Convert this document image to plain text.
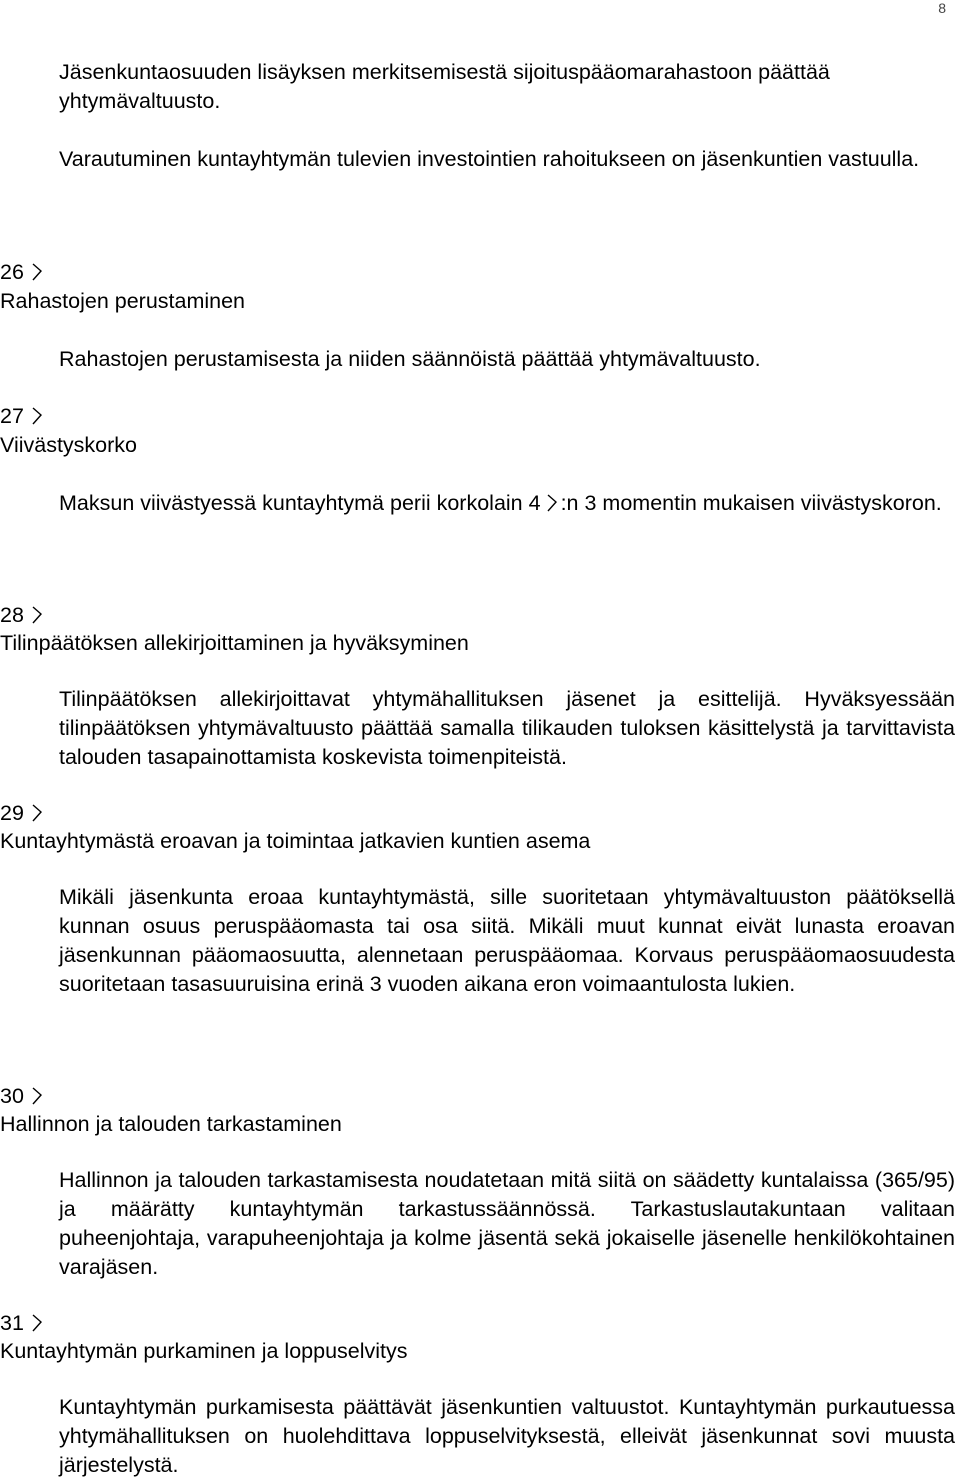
8

Jäsenkuntaosuuden lisäyksen merkitsemisestä sijoituspääomarahastoon päättää yhtymävaltuusto.

Varautuminen kuntayhtymän tulevien investointien rahoitukseen on jäsenkuntien vastuulla.

26
Rahastojen perustaminen

Rahastojen perustamisesta ja niiden säännöistä päättää yhtymävaltuusto.

27
Viivästyskorko

Maksun viivästyessä kuntayhtymä perii korkolain 4 :n 3 momentin mukaisen viivästyskoron.

28
Tilinpäätöksen allekirjoittaminen ja hyväksyminen

Tilinpäätöksen allekirjoittavat yhtymähallituksen jäsenet ja esittelijä. Hyväksyessään tilinpäätöksen yhtymävaltuusto päättää samalla tilikauden tuloksen käsittelystä ja tarvittavista talouden tasapainottamista koskevista toimenpiteistä.

29
Kuntayhtymästä eroavan ja toimintaa jatkavien kuntien asema

Mikäli jäsenkunta eroaa kuntayhtymästä, sille suoritetaan yhtymävaltuuston päätöksellä kunnan osuus peruspääomasta tai osa siitä. Mikäli muut kunnat eivät lunasta eroavan jäsenkunnan pääomaosuutta, alennetaan peruspääomaa. Korvaus peruspääomaosuudesta suoritetaan tasasuuruisina erinä 3 vuoden aikana eron voimaantulosta lukien.

30
Hallinnon ja talouden tarkastaminen

Hallinnon ja talouden tarkastamisesta noudatetaan mitä siitä on säädetty kuntalaissa (365/95) ja määrätty kuntayhtymän tarkastussäännössä. Tarkastuslautakuntaan valitaan puheenjohtaja, varapuheenjohtaja ja kolme jäsentä sekä jokaiselle jäsenelle henkilökohtainen varajäsen.

31
Kuntayhtymän purkaminen ja loppuselvitys

Kuntayhtymän purkamisesta päättävät jäsenkuntien valtuustot. Kuntayhtymän purkautuessa yhtymähallituksen on huolehdittava loppuselvityksestä, elleivät jäsenkunnat sovi muusta järjestelystä.
